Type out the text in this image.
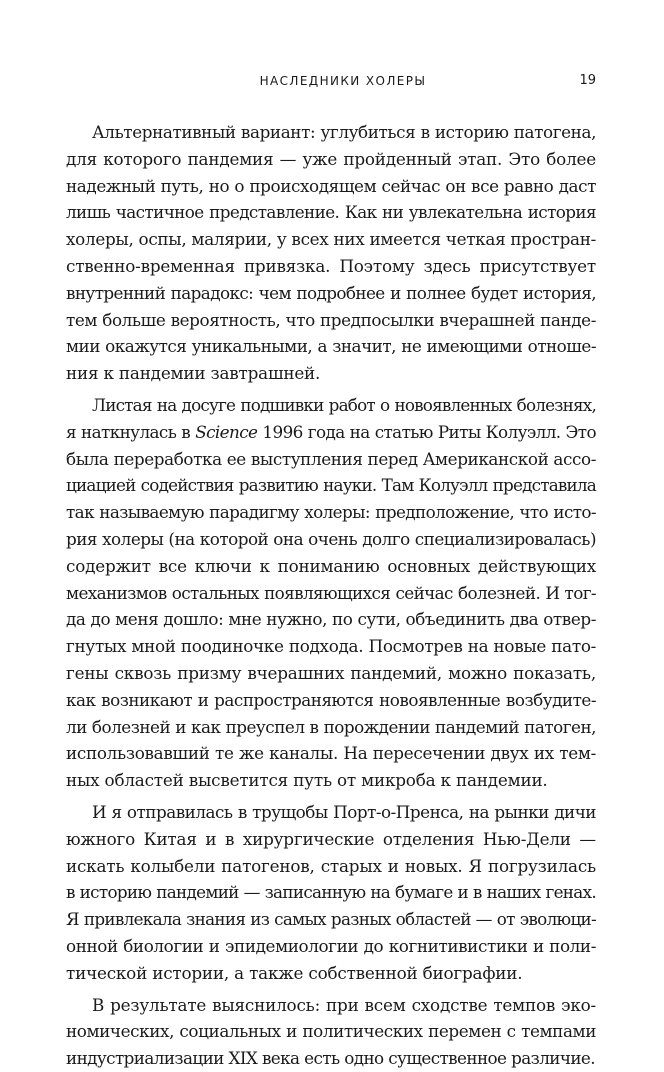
НАСЛЕДНИКИ ХОЛЕРЫ	19
Альтернативный вариант: углубиться в историю патогена,
для которого пандемия — уже пройденный этап. Это более
надежный путь, но о происходящем сейчас он все равно даст
лишь частичное представление. Как ни увлекательна история
холеры, оспы, малярии, у всех них имеется четкая простран-
ственно-временная привязка. Поэтому здесь присутствует
внутренний парадокс: чем подробнее и полнее будет история,
тем больше вероятность, что предпосылки вчерашней панде-
мии окажутся уникальными, а значит, не имеющими отноше-
ния к пандемии завтрашней.
Листая на досуге подшивки работ о новоявленных болезнях,
я наткнулась в Science 1996 года на статью Риты Колуэлл. Это
была переработка ее выступления перед Американской ассо-
циацией содействия развитию науки. Там Колуэлл представила
так называемую парадигму холеры: предположение, что исто-
рия холеры (на которой она очень долго специализировалась)
содержит все ключи к пониманию основных действующих
механизмов остальных появляющихся сейчас болезней. И тог-
да до меня дошло: мне нужно, по сути, объединить два отвер-
гнутых мной поодиночке подхода. Посмотрев на новые пато-
гены сквозь призму вчерашних пандемий, можно показать,
как возникают и распространяются новоявленные возбудите-
ли болезней и как преуспел в порождении пандемий патоген,
использовавший те же каналы. На пересечении двух их тем-
ных областей высветится путь от микроба к пандемии.
И я отправилась в трущобы Порт-о-Пренса, на рынки дичи
южного Китая и в хирургические отделения Нью-Дели —
искать колыбели патогенов, старых и новых. Я погрузилась
в историю пандемий — записанную на бумаге и в наших генах.
Я привлекала знания из самых разных областей — от эволюци-
онной биологии и эпидемиологии до когнитивистики и поли-
тической истории, а также собственной биографии.
В результате выяснилось: при всем сходстве темпов эко-
номических, социальных и политических перемен с темпами
индустриализации XIX века есть одно существенное различие.
